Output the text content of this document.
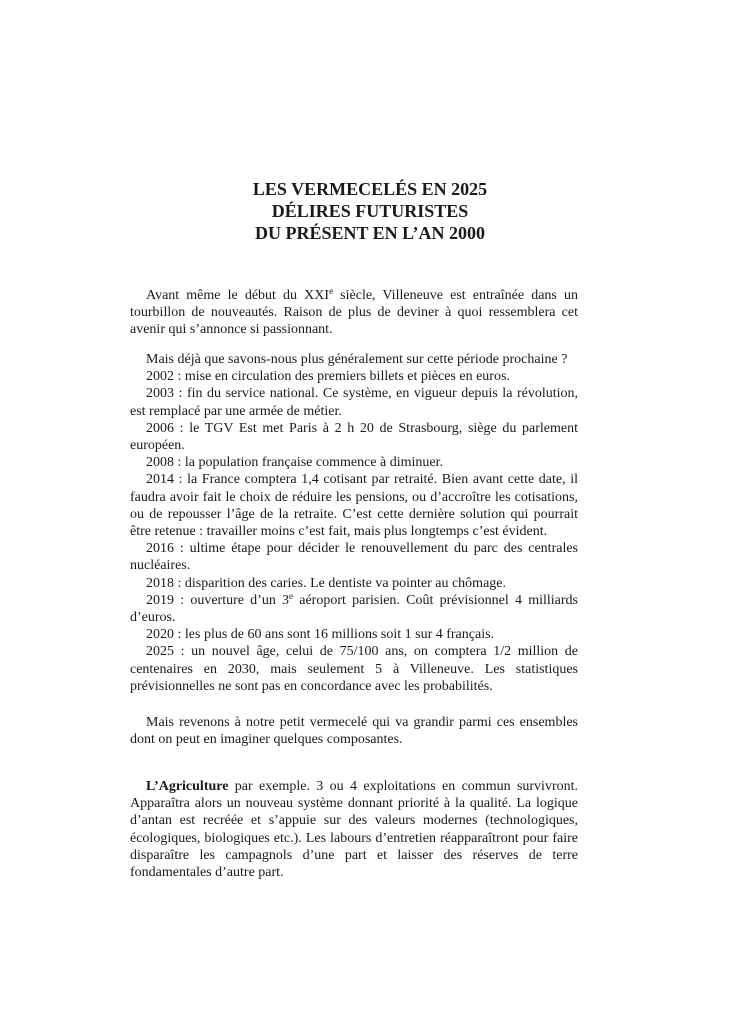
LES VERMECELÉS EN 2025
DÉLIRES FUTURISTES
DU PRÉSENT EN L’AN 2000

Avant même le début du XXIe siècle, Villeneuve est entraînée dans un tourbillon de nouveautés. Raison de plus de deviner à quoi ressemblera cet avenir qui s’annonce si passionnant.

Mais déjà que savons-nous plus généralement sur cette période prochaine ?

2002 : mise en circulation des premiers billets et pièces en euros.

2003 : fin du service national. Ce système, en vigueur depuis la révolution, est remplacé par une armée de métier.

2006 : le TGV Est met Paris à 2 h 20 de Strasbourg, siège du parlement européen.

2008 : la population française commence à diminuer.

2014 : la France comptera 1,4 cotisant par retraité. Bien avant cette date, il faudra avoir fait le choix de réduire les pensions, ou d’accroître les cotisations, ou de repousser l’âge de la retraite. C’est cette dernière solution qui pourrait être retenue : travailler moins c’est fait, mais plus longtemps c’est évident.

2016 : ultime étape pour décider le renouvellement du parc des centrales nucléaires.

2018 : disparition des caries. Le dentiste va pointer au chômage.

2019 : ouverture d’un 3e aéroport parisien. Coût prévisionnel 4 milliards d’euros.

2020 : les plus de 60 ans sont 16 millions soit 1 sur 4 français.

2025 : un nouvel âge, celui de 75/100 ans, on comptera 1/2 million de centenaires en 2030, mais seulement 5 à Villeneuve. Les statistiques prévisionnelles ne sont pas en concordance avec les probabilités.

Mais revenons à notre petit vermecelé qui va grandir parmi ces ensembles dont on peut en imaginer quelques composantes.

L’Agriculture par exemple. 3 ou 4 exploitations en commun survivront. Apparaîtra alors un nouveau système donnant priorité à la qualité. La logique d’antan est recréée et s’appuie sur des valeurs modernes (technologiques, écologiques, biologiques etc.). Les labours d’entretien réapparaîtront pour faire disparaître les campagnols d’une part et laisser des réserves de terre fondamentales d’autre part.
